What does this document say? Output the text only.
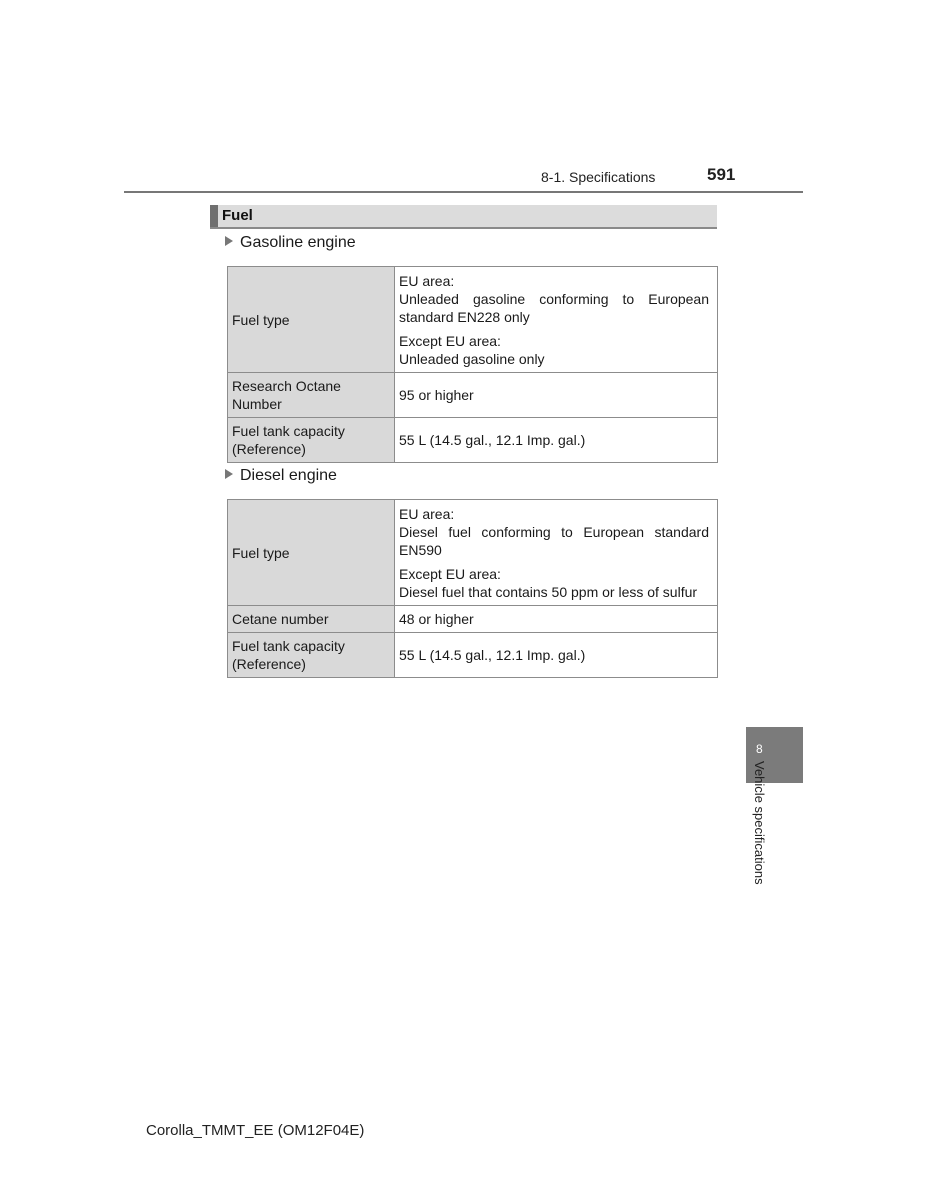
8-1. Specifications	591
Fuel
Gasoline engine
Fuel type	EU area:
Unleaded gasoline conforming to European standard EN228 only

Except EU area:
Unleaded gasoline only

Research Octane Number	95 or higher
Fuel tank capacity (Reference)	55 L (14.5 gal., 12.1 Imp. gal.)
Diesel engine
Fuel type	EU area:
Diesel fuel conforming to European standard EN590

Except EU area:
Diesel fuel that contains 50 ppm or less of sulfur

Cetane number	48 or higher
Fuel tank capacity (Reference)	55 L (14.5 gal., 12.1 Imp. gal.)
8
Vehicle specifications
Corolla_TMMT_EE (OM12F04E)
